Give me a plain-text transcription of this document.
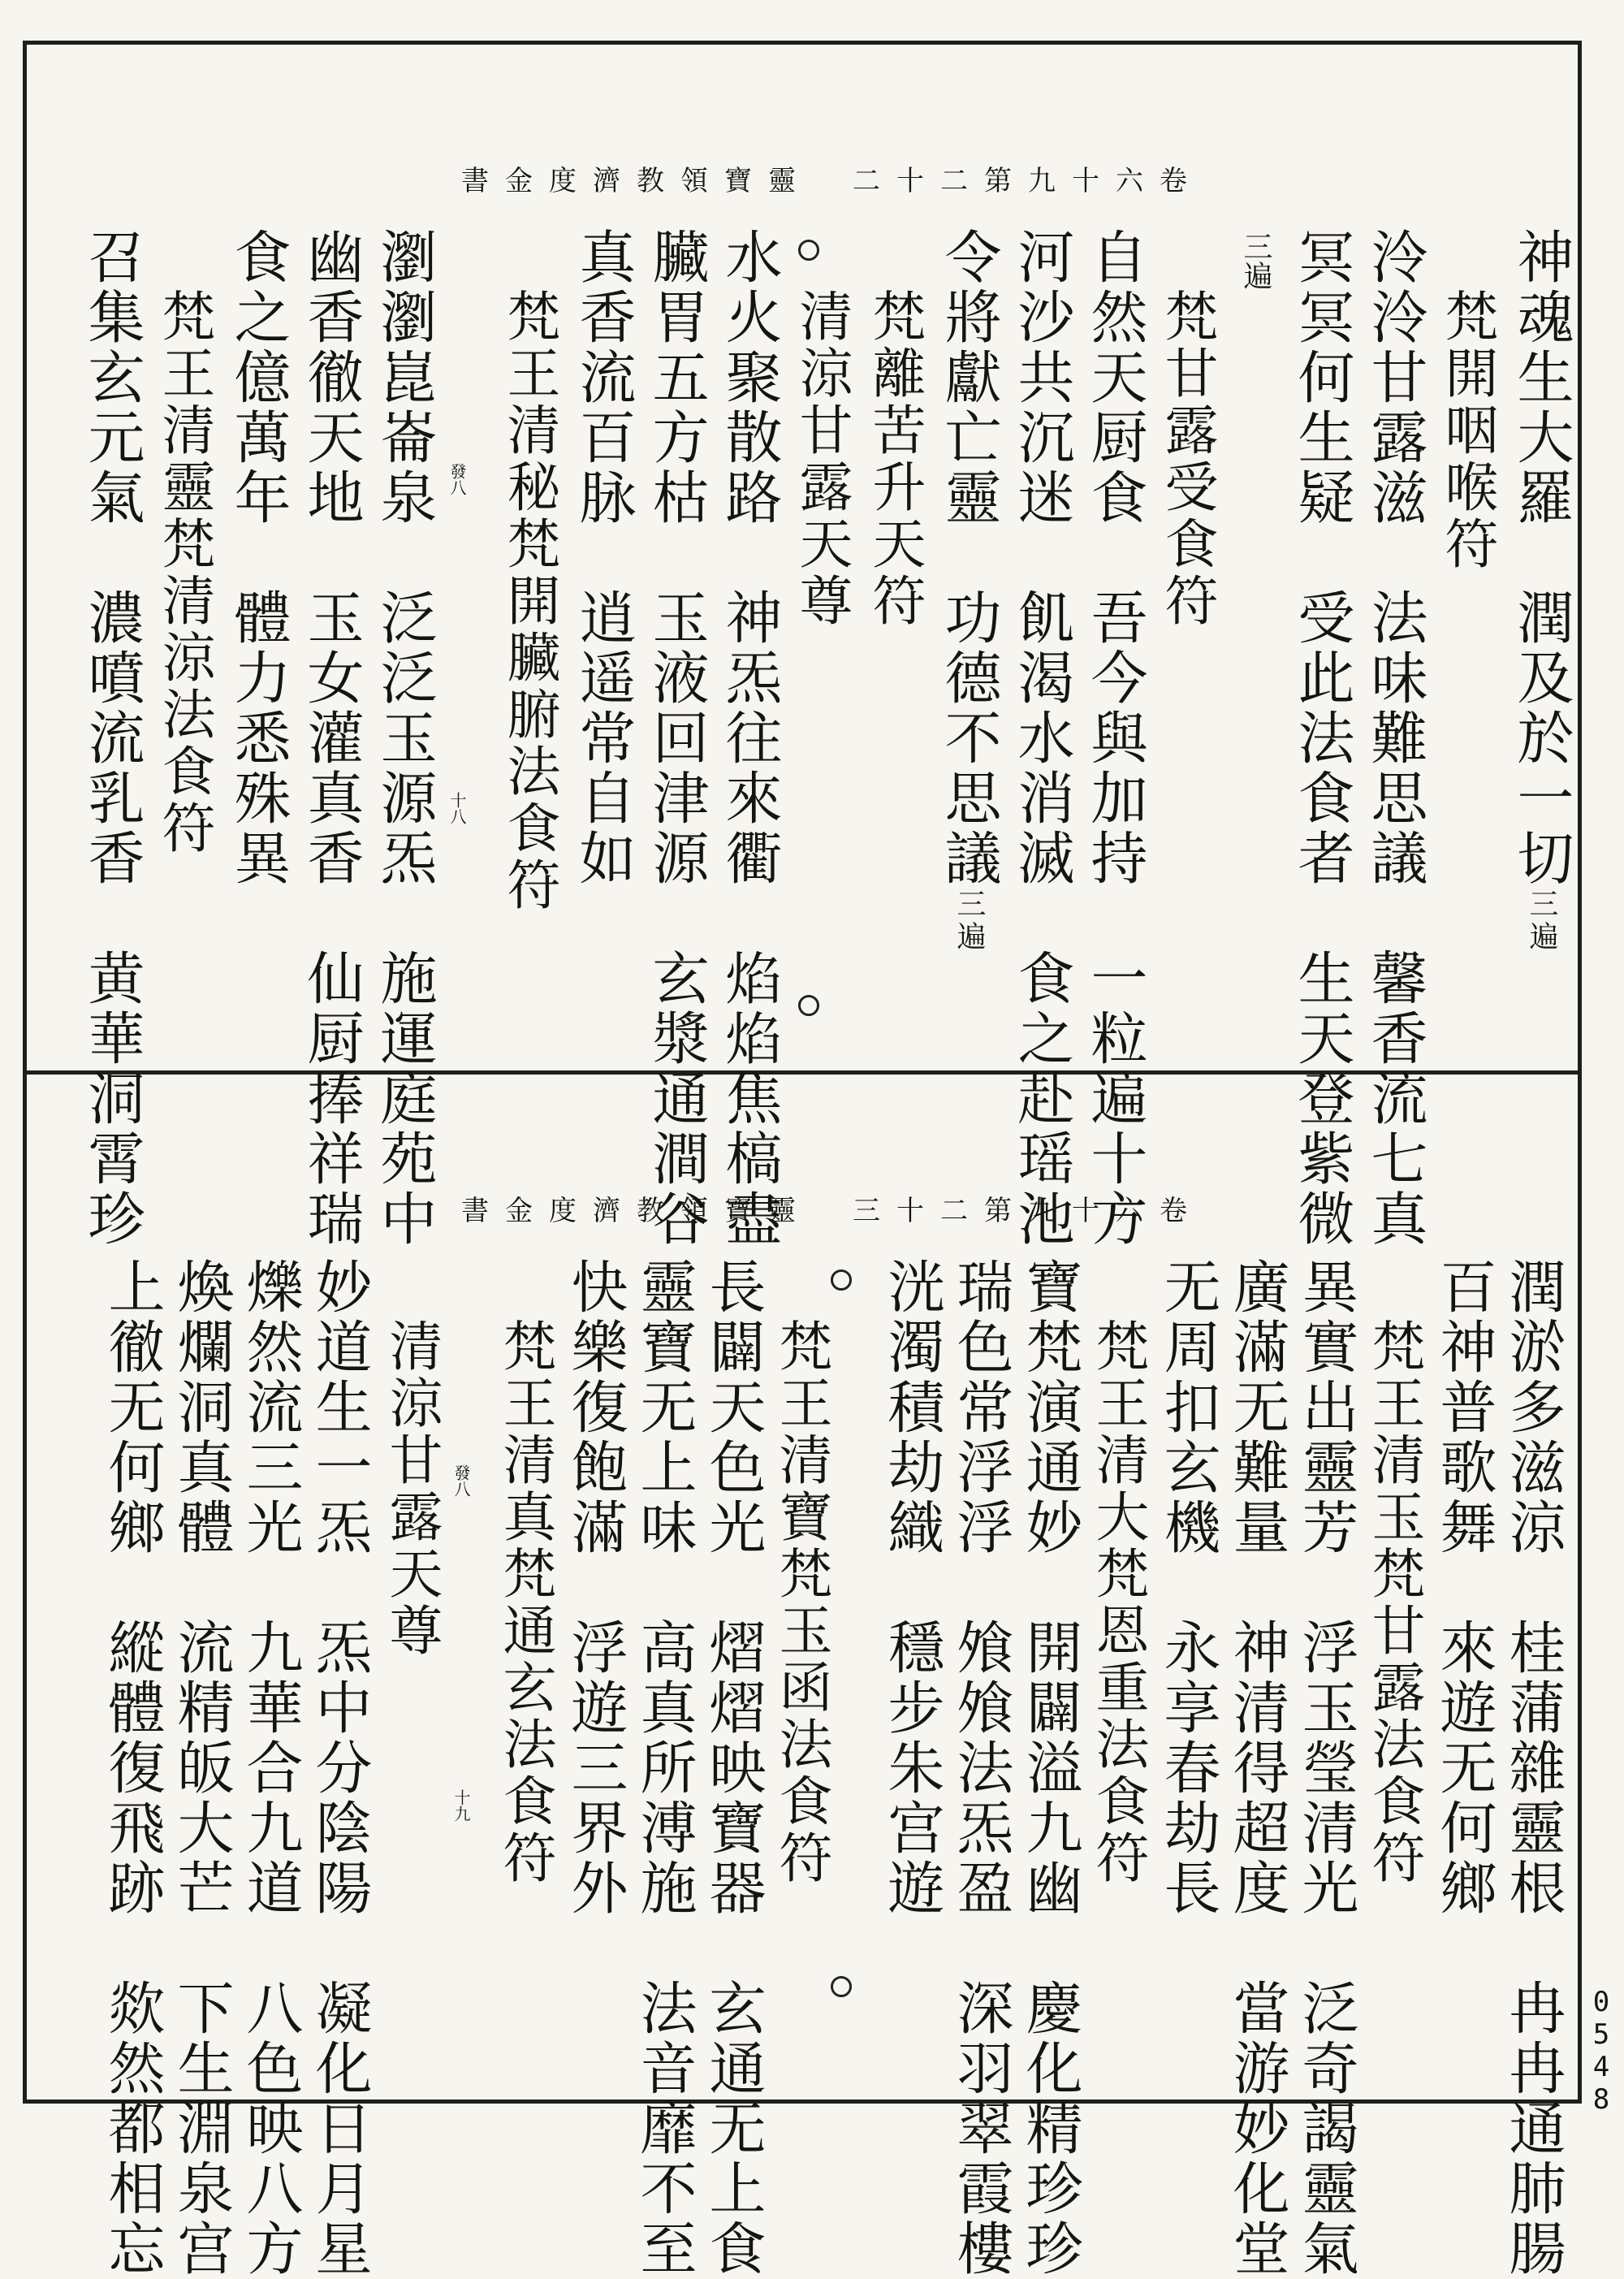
卷六十九第二十二靈寶領教濟度金書
神魂生大羅　潤及於一切三遍
梵開咽喉符
泠泠甘露滋　法味難思議　馨香流七真
冥冥何生疑　受此法食者　生天登紫微
三遍
梵甘露受食符
自然天厨食　吾今與加持　一粒遍十方
河沙共沉迷　飢渴水消滅　食之赴瑶池
令將獻亡靈　功德不思議三遍
梵離苦升天符
清涼甘露天尊
水火聚散路　神炁往來衢　焰焰焦槁盡
臟胃五方枯　玉液回津源　玄漿通澗谷
真香流百脉　逍遥常自如
梵王清秘梵開臟腑法食符
瀏瀏崑崙泉　泛泛玉源炁　施運庭苑中
幽香徹天地　玉女灌真香　仙厨捧祥瑞
食之億萬年　體力悉殊異
梵王清靈梵清涼法食符
召集玄元氣　濃噴流乳香　黄華洞霄珍	發八
十八
卷六十九第二十三靈寶領教濟度金書
潤淤多滋涼　桂蒲雜靈根　冉冉通肺腸
百神普歌舞　來遊无何鄉
梵王清玉梵甘露法食符
異實出靈芳　浮玉瑩清光　泛奇謁靈氣
廣滿无難量　神清得超度　當游妙化堂
无周扣玄機　永享春劫長
梵王清大梵恩重法食符
寶梵演通妙　開闢溢九幽　慶化精珍珍
瑞色常浮浮　飧飧法炁盈　深羽翠霞樓
洸濁積劫織　穩步朱宫遊
梵王清寶梵玉函法食符
長闢天色光　熠熠映寶器　玄通无上食
靈寶无上味　高真所溥施　法音靡不至
快樂復飽滿　浮遊三界外
梵王清真梵通玄法食符
清涼甘露天尊
妙道生一炁　炁中分陰陽　凝化日月星
爍然流三光　九華合九道　八色映八方
煥爛洞真體　流精皈大芒　下生淵泉宫
上徹无何鄉　縱體復飛跡　欻然都相忘	發八
十九
0548
